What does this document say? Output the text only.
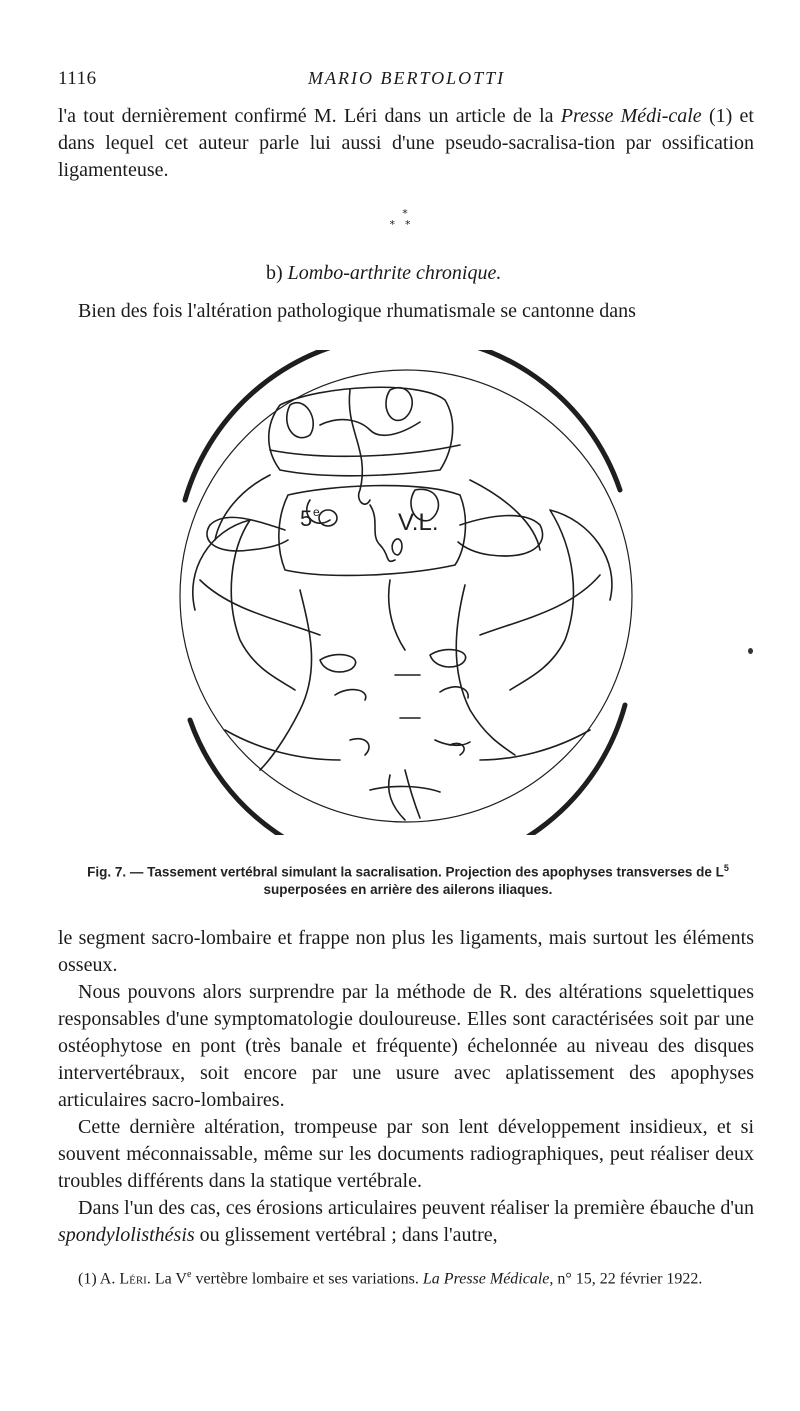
1116	MARIO BERTOLOTTI

l'a tout dernièrement confirmé M. Léri dans un article de la Presse Médi-cale (1) et dans lequel cet auteur parle lui aussi d'une pseudo-sacralisa-tion par ossification ligamenteuse.

*
**
b) Lombo-arthrite chronique.

Bien des fois l'altération pathologique rhumatismale se cantonne dans

5 e	V.L.
Fig. 7. — Tassement vertébral simulant la sacralisation. Projection des apophyses transverses de $L^5$ superposées en arrière des ailerons iliaques.
le segment sacro-lombaire et frappe non plus les ligaments, mais surtout les éléments osseux.
Nous pouvons alors surprendre par la méthode de R. des altérations squelettiques responsables d'une symptomatologie douloureuse. Elles sont caractérisées soit par une ostéophytose en pont (très banale et fréquente) échelonnée au niveau des disques intervertébraux, soit encore par une usure avec aplatissement des apophyses articulaires sacro-lombaires.
Cette dernière altération, trompeuse par son lent développement insidieux, et si souvent méconnaissable, même sur les documents radiographiques, peut réaliser deux troubles différents dans la statique vertébrale.
Dans l'un des cas, ces érosions articulaires peuvent réaliser la première ébauche d'un spondylolisthésis ou glissement vertébral ; dans l'autre,
(1) A. Léri. La Ve vertèbre lombaire et ses variations. La Presse Médicale, n° 15, 22 février 1922.
